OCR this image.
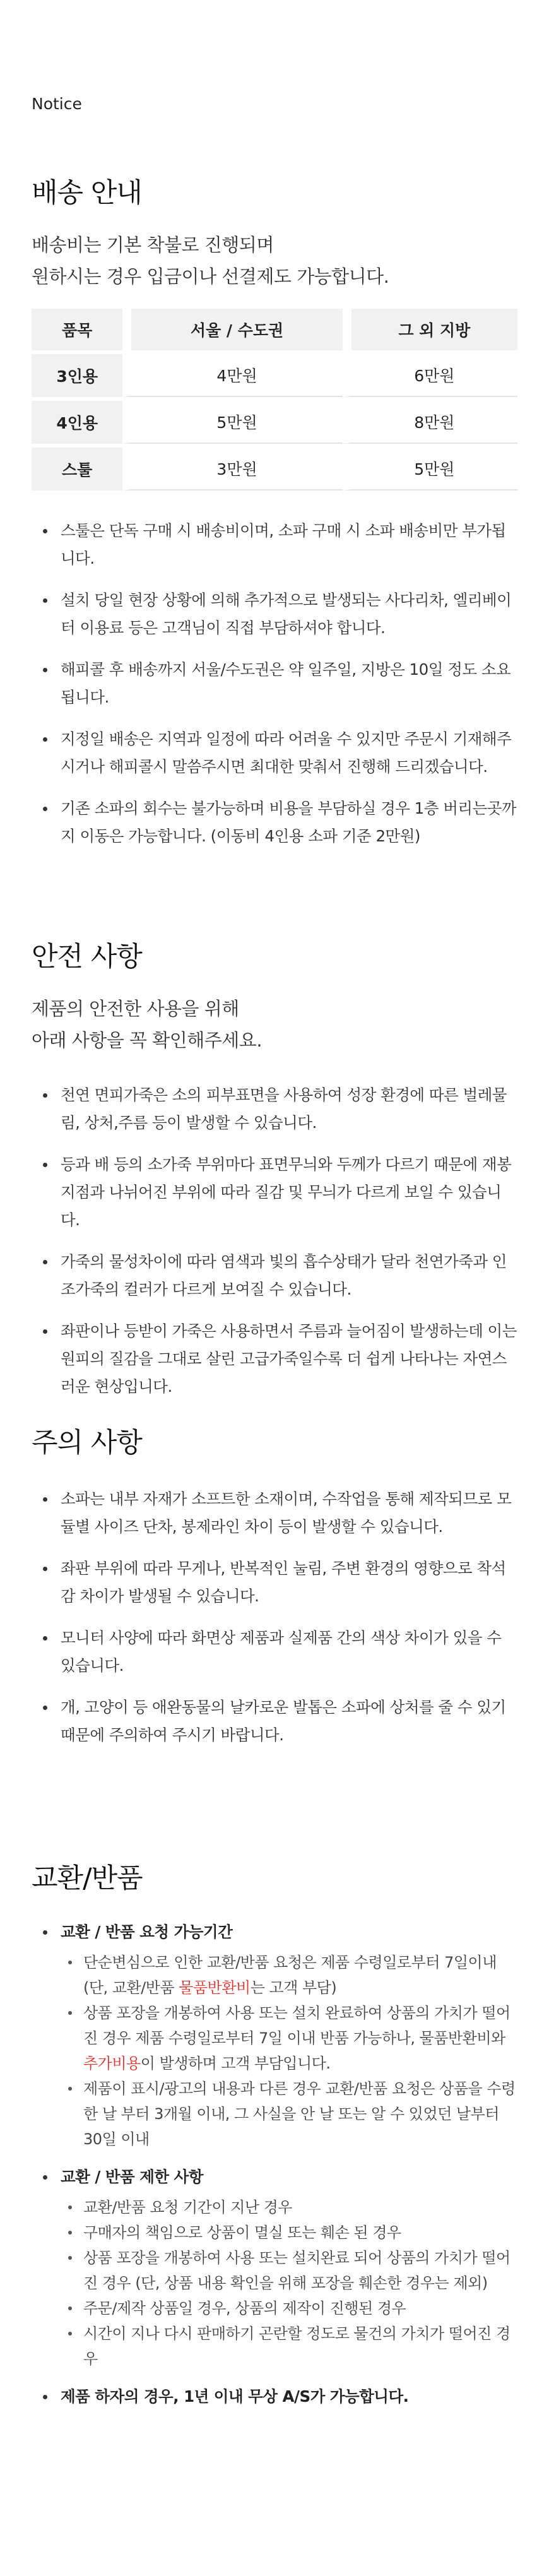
Notice
배송 안내

배송비는 기본 착불로 진행되며

원하시는 경우 입금이나 선결제도 가능합니다.

품목	서울 / 수도권	그 외 지방
3인용	4만원	6만원
4인용	5만원	8만원
스툴	3만원	5만원
스툴은 단독 구매 시 배송비이며, 소파 구매 시 소파 배송비만 부가됩니다.
설치 당일 현장 상황에 의해 추가적으로 발생되는 사다리차, 엘리베이터 이용료 등은 고객님이 직접 부담하셔야 합니다.
해피콜 후 배송까지 서울/수도권은 약 일주일, 지방은 10일 정도 소요됩니다.
지정일 배송은 지역과 일정에 따라 어려울 수 있지만 주문시 기재해주시거나 해피콜시 말씀주시면 최대한 맞춰서 진행해 드리겠습니다.
기존 소파의 회수는 불가능하며 비용을 부담하실 경우 1층 버리는곳까지 이동은 가능합니다. (이동비 4인용 소파 기준 2만원)
안전 사항

제품의 안전한 사용을 위해

아래 사항을 꼭 확인해주세요.

천연 면피가죽은 소의 피부표면을 사용하여 성장 환경에 따른 벌레물림, 상처,주름 등이 발생할 수 있습니다.
등과 배 등의 소가죽 부위마다 표면무늬와 두께가 다르기 때문에 재봉 지점과 나뉘어진 부위에 따라 질감 및 무늬가 다르게 보일 수 있습니다.
가죽의 물성차이에 따라 염색과 빛의 흡수상태가 달라 천연가죽과 인조가죽의 컬러가 다르게 보여질 수 있습니다.
좌판이나 등받이 가죽은 사용하면서 주름과 늘어짐이 발생하는데 이는 원피의 질감을 그대로 살린 고급가죽일수록 더 쉽게 나타나는 자연스러운 현상입니다.
주의 사항
소파는 내부 자재가 소프트한 소재이며, 수작업을 통해 제작되므로 모듈별 사이즈 단차, 봉제라인 차이 등이 발생할 수 있습니다.
좌판 부위에 따라 무게나, 반복적인 눌림, 주변 환경의 영향으로 착석감 차이가 발생될 수 있습니다.
모니터 사양에 따라 화면상 제품과 실제품 간의 색상 차이가 있을 수 있습니다.
개, 고양이 등 애완동물의 날카로운 발톱은 소파에 상처를 줄 수 있기 때문에 주의하여 주시기 바랍니다.
교환/반품
교환 / 반품 요청 가능기간
단순변심으로 인한 교환/반품 요청은 제품 수령일로부터 7일이내 (단, 교환/반품 물품반환비는 고객 부담)
상품 포장을 개봉하여 사용 또는 설치 완료하여 상품의 가치가 떨어진 경우 제품 수령일로부터 7일 이내 반품 가능하나, 물품반환비와 추가비용이 발생하며 고객 부담입니다.
제품이 표시/광고의 내용과 다른 경우 교환/반품 요청은 상품을 수령한 날 부터 3개월 이내, 그 사실을 안 날 또는 알 수 있었던 날부터 30일 이내
교환 / 반품 제한 사항
교환/반품 요청 기간이 지난 경우
구매자의 책임으로 상품이 멸실 또는 훼손 된 경우
상품 포장을 개봉하여 사용 또는 설치완료 되어 상품의 가치가 떨어진 경우 (단, 상품 내용 확인을 위해 포장을 훼손한 경우는 제외)
주문/제작 상품일 경우, 상품의 제작이 진행된 경우
시간이 지나 다시 판매하기 곤란할 정도로 물건의 가치가 떨어진 경우
제품 하자의 경우, 1년 이내 무상 A/S가 가능합니다.
